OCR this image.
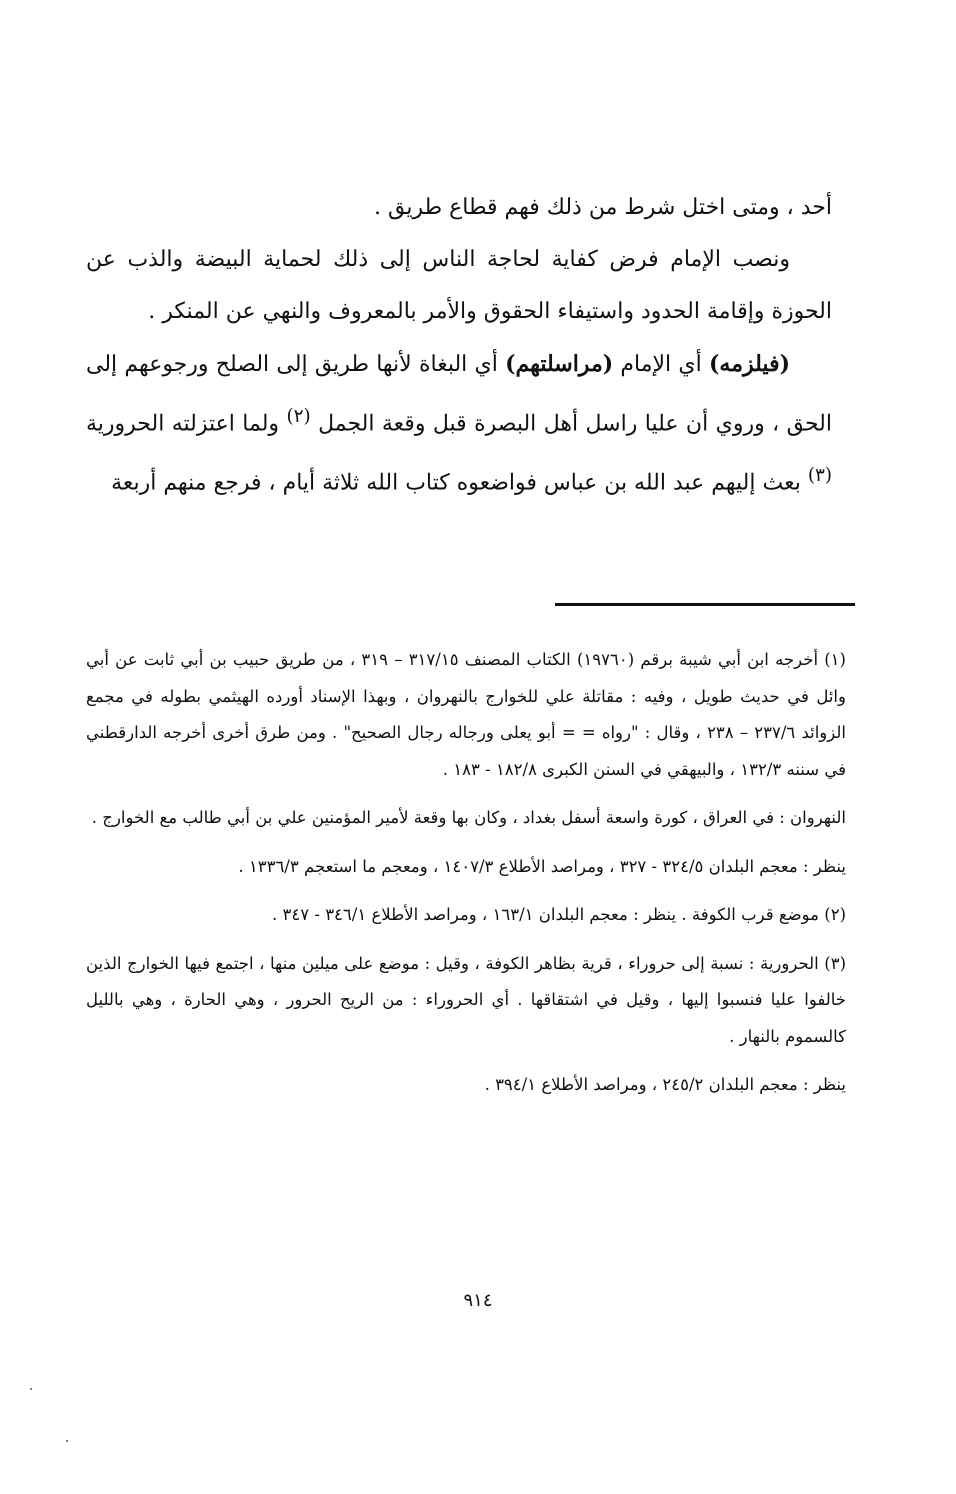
أحد ، ومتى اختل شرط من ذلك فهم قطاع طريق .

ونصب الإمام فرض كفاية لحاجة الناس إلى ذلك لحماية البيضة والذب عن الحوزة وإقامة الحدود واستيفاء الحقوق والأمر بالمعروف والنهي عن المنكر .

(فيلزمه) أي الإمام (مراسلتهم) أي البغاة لأنها طريق إلى الصلح ورجوعهم إلى الحق ، وروي أن عليا راسل أهل البصرة قبل وقعة الجمل $^{(٢)}$ ولما اعتزلته الحرورية $^{(٣)}$ بعث إليهم عبد الله بن عباس فواضعوه كتاب الله ثلاثة أيام ، فرجع منهم أربعة

(١) أخرجه ابن أبي شيبة برقم (١٩٧٦٠) الكتاب المصنف ٣١٧/١٥ – ٣١٩ ، من طريق حبيب بن أبي ثابت عن أبي وائل في حديث طويل ، وفيه : مقاتلة علي للخوارج بالنهروان ، وبهذا الإسناد أورده الهيثمي بطوله في مجمع الزوائد ٢٣٧/٦ – ٢٣٨ ، وقال : "رواه = = أبو يعلى ورجاله رجال الصحيح" . ومن طرق أخرى أخرجه الدارقطني في سننه ١٣٢/٣ ، والبيهقي في السنن الكبرى ١٨٢/٨ - ١٨٣ .

النهروان : في العراق ، كورة واسعة أسفل بغداد ، وكان بها وقعة لأمير المؤمنين علي بن أبي طالب مع الخوارج .

ينظر : معجم البلدان ٣٢٤/٥ - ٣٢٧ ، ومراصد الأطلاع ١٤٠٧/٣ ، ومعجم ما استعجم ١٣٣٦/٣ .

(٢) موضع قرب الكوفة . ينظر : معجم البلدان ١٦٣/١ ، ومراصد الأطلاع ٣٤٦/١ - ٣٤٧ .

(٣) الحرورية : نسبة إلى حروراء ، قرية بظاهر الكوفة ، وقيل : موضع على ميلين منها ، اجتمع فيها الخوارج الذين خالفوا عليا فنسبوا إليها ، وقيل في اشتقاقها . أي الحروراء : من الريح الحرور ، وهي الحارة ، وهي بالليل كالسموم بالنهار .

ينظر : معجم البلدان ٢٤٥/٢ ، ومراصد الأطلاع ٣٩٤/١ .

٩١٤
